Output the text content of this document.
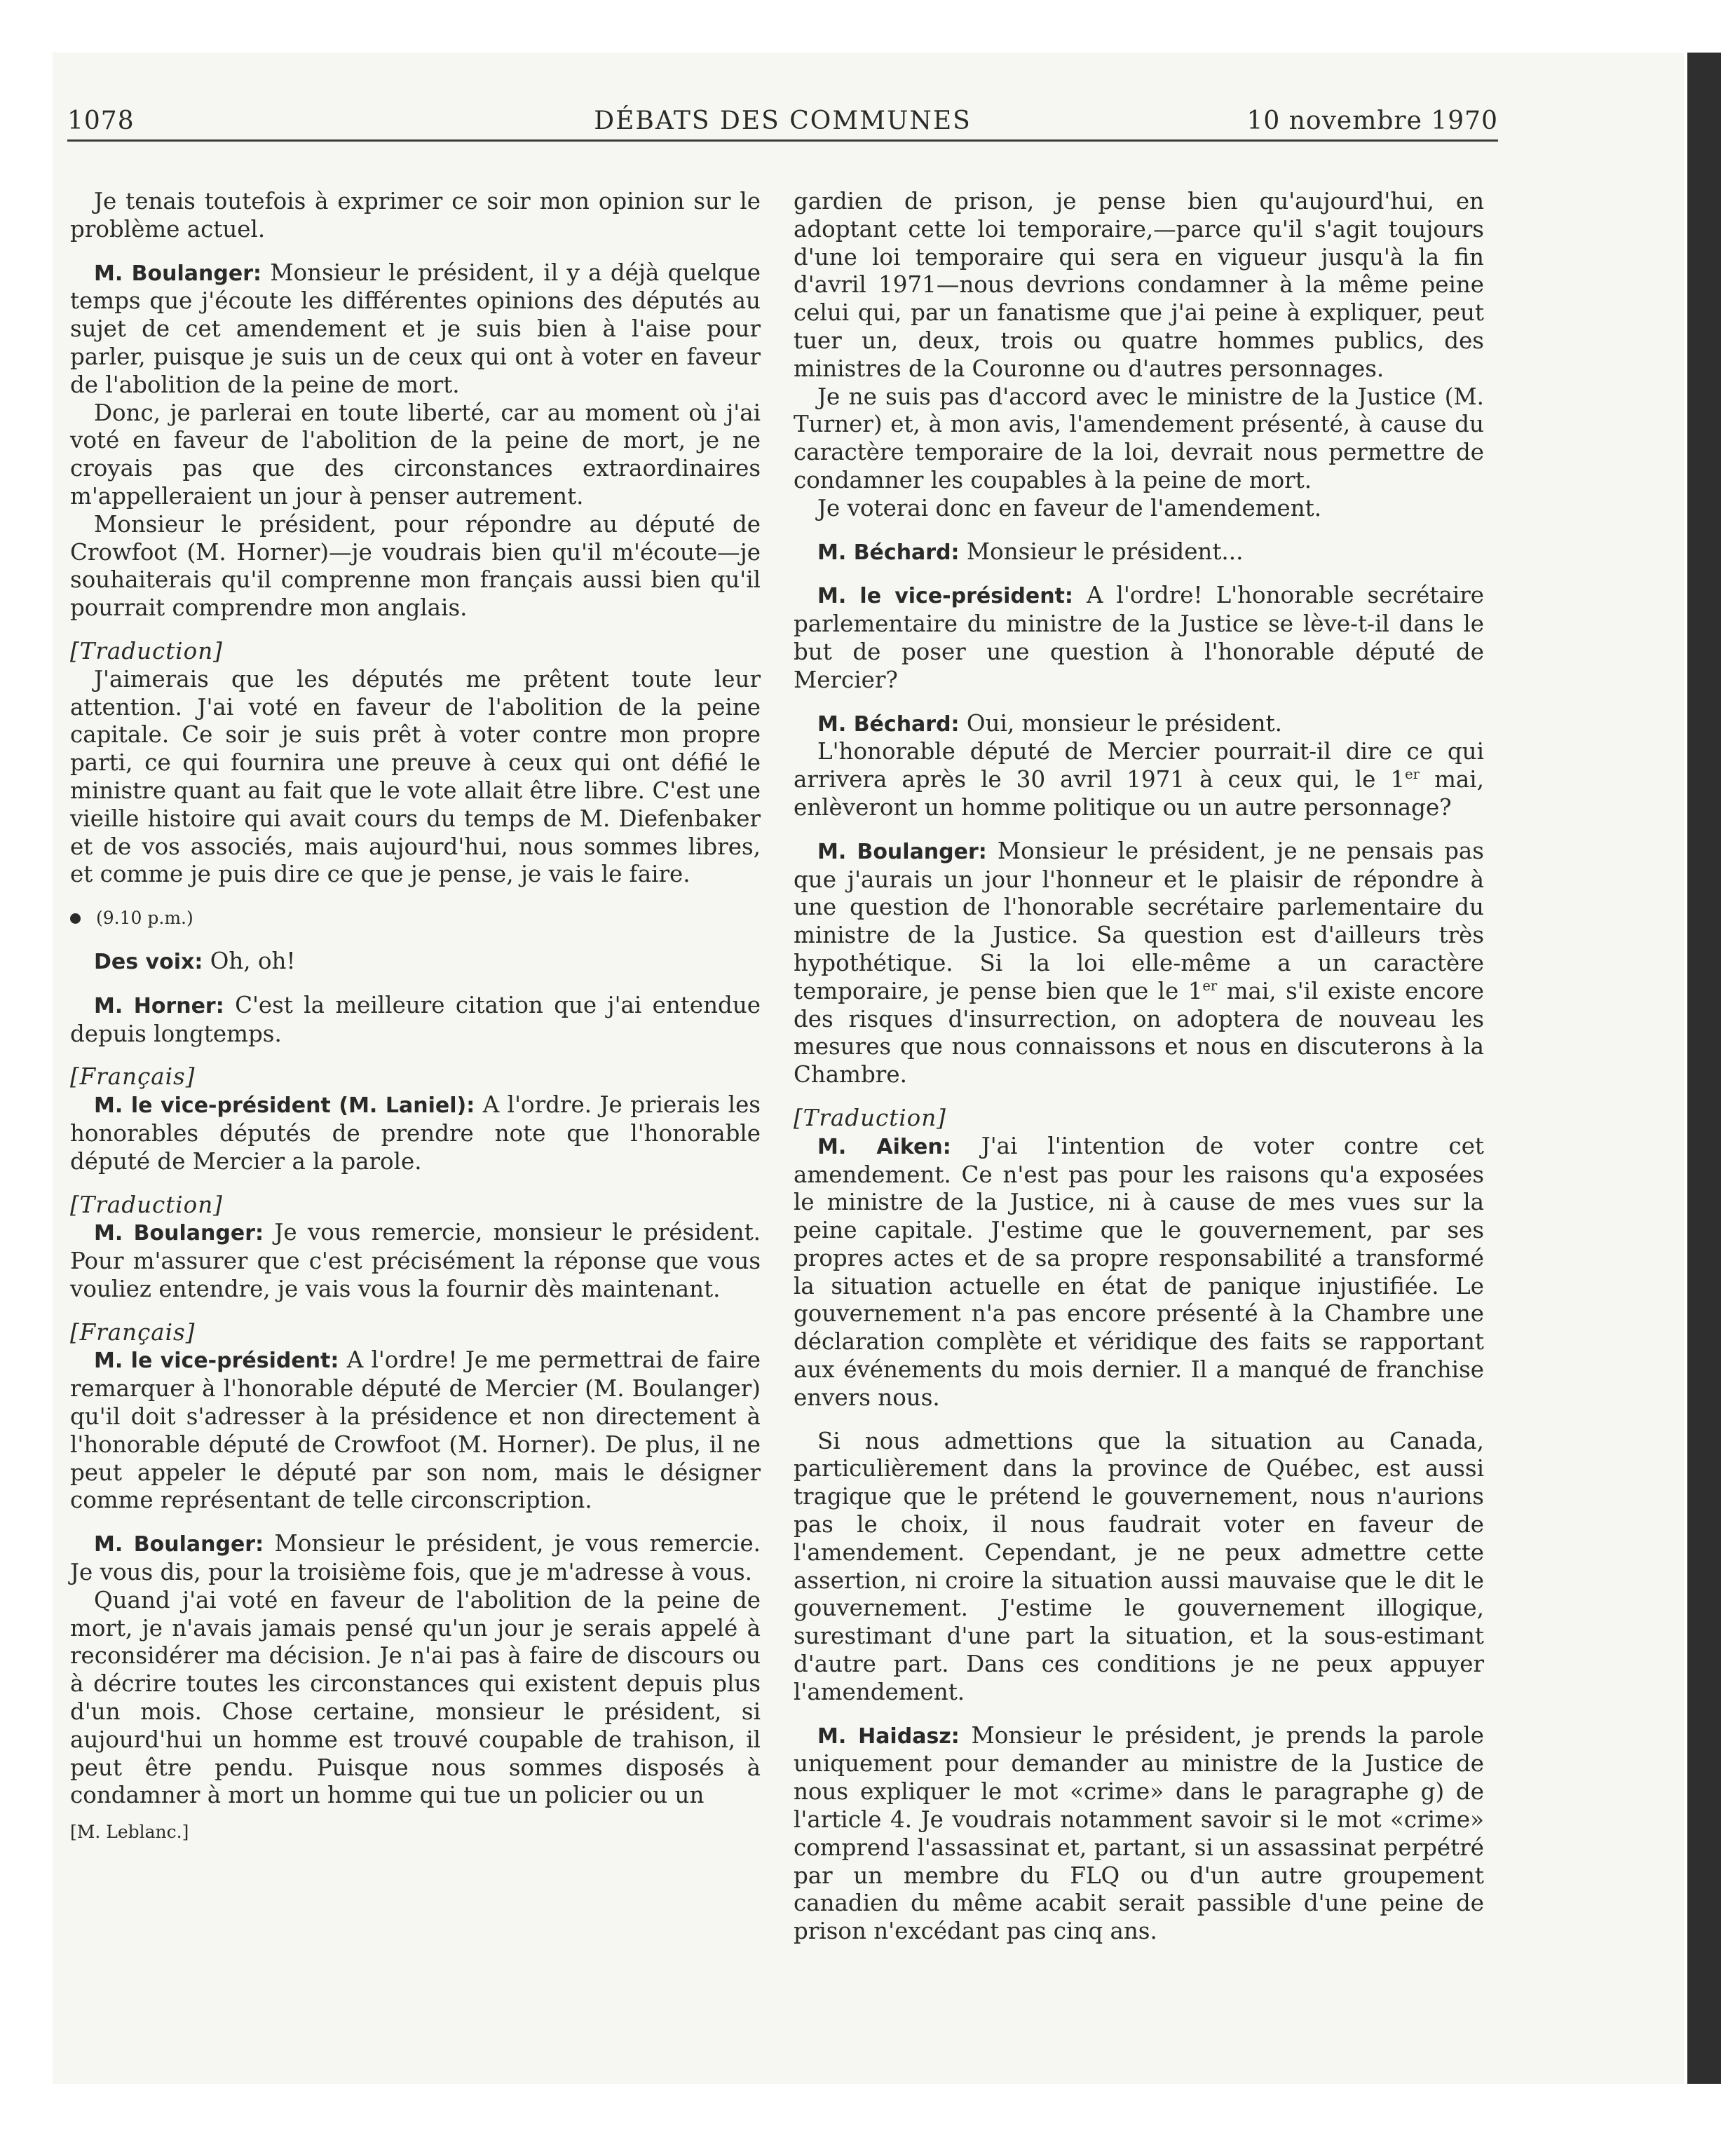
DÉBATS DES COMMUNES
1078	10 novembre 1970

Je tenais toutefois à exprimer ce soir mon opinion sur le problème actuel.

M. Boulanger: Monsieur le président, il y a déjà quelque temps que j'écoute les différentes opinions des députés au sujet de cet amendement et je suis bien à l'aise pour parler, puisque je suis un de ceux qui ont à voter en faveur de l'abolition de la peine de mort.

Donc, je parlerai en toute liberté, car au moment où j'ai voté en faveur de l'abolition de la peine de mort, je ne croyais pas que des circonstances extraordinaires m'appelleraient un jour à penser autrement.

Monsieur le président, pour répondre au député de Crowfoot (M. Horner)—je voudrais bien qu'il m'écoute—je souhaiterais qu'il comprenne mon français aussi bien qu'il pourrait comprendre mon anglais.

[Traduction]

J'aimerais que les députés me prêtent toute leur attention. J'ai voté en faveur de l'abolition de la peine capitale. Ce soir je suis prêt à voter contre mon propre parti, ce qui fournira une preuve à ceux qui ont défié le ministre quant au fait que le vote allait être libre. C'est une vieille histoire qui avait cours du temps de M. Diefenbaker et de vos associés, mais aujourd'hui, nous sommes libres, et comme je puis dire ce que je pense, je vais le faire.

(9.10 p.m.)

Des voix: Oh, oh!

M. Horner: C'est la meilleure citation que j'ai entendue depuis longtemps.

[Français]

M. le vice-président (M. Laniel): A l'ordre. Je prierais les honorables députés de prendre note que l'honorable député de Mercier a la parole.

[Traduction]

M. Boulanger: Je vous remercie, monsieur le président. Pour m'assurer que c'est précisément la réponse que vous vouliez entendre, je vais vous la fournir dès maintenant.

[Français]

M. le vice-président: A l'ordre! Je me permettrai de faire remarquer à l'honorable député de Mercier (M. Boulanger) qu'il doit s'adresser à la présidence et non directement à l'honorable député de Crowfoot (M. Horner). De plus, il ne peut appeler le député par son nom, mais le désigner comme représentant de telle circonscription.

M. Boulanger: Monsieur le président, je vous remercie. Je vous dis, pour la troisième fois, que je m'adresse à vous.

Quand j'ai voté en faveur de l'abolition de la peine de mort, je n'avais jamais pensé qu'un jour je serais appelé à reconsidérer ma décision. Je n'ai pas à faire de discours ou à décrire toutes les circonstances qui existent depuis plus d'un mois. Chose certaine, monsieur le président, si aujourd'hui un homme est trouvé coupable de trahison, il peut être pendu. Puisque nous sommes disposés à condamner à mort un homme qui tue un policier ou un

[M. Leblanc.]

gardien de prison, je pense bien qu'aujourd'hui, en adoptant cette loi temporaire,—parce qu'il s'agit toujours d'une loi temporaire qui sera en vigueur jusqu'à la fin d'avril 1971—nous devrions condamner à la même peine celui qui, par un fanatisme que j'ai peine à expliquer, peut tuer un, deux, trois ou quatre hommes publics, des ministres de la Couronne ou d'autres personnages.

Je ne suis pas d'accord avec le ministre de la Justice (M. Turner) et, à mon avis, l'amendement présenté, à cause du caractère temporaire de la loi, devrait nous permettre de condamner les coupables à la peine de mort.

Je voterai donc en faveur de l'amendement.

M. Béchard: Monsieur le président...

M. le vice-président: A l'ordre! L'honorable secrétaire parlementaire du ministre de la Justice se lève-t-il dans le but de poser une question à l'honorable député de Mercier?

M. Béchard: Oui, monsieur le président.

L'honorable député de Mercier pourrait-il dire ce qui arrivera après le 30 avril 1971 à ceux qui, le 1er mai, enlèveront un homme politique ou un autre personnage?

M. Boulanger: Monsieur le président, je ne pensais pas que j'aurais un jour l'honneur et le plaisir de répondre à une question de l'honorable secrétaire parlementaire du ministre de la Justice. Sa question est d'ailleurs très hypothétique. Si la loi elle-même a un caractère temporaire, je pense bien que le 1er mai, s'il existe encore des risques d'insurrection, on adoptera de nouveau les mesures que nous connaissons et nous en discuterons à la Chambre.

[Traduction]

M. Aiken: J'ai l'intention de voter contre cet amendement. Ce n'est pas pour les raisons qu'a exposées le ministre de la Justice, ni à cause de mes vues sur la peine capitale. J'estime que le gouvernement, par ses propres actes et de sa propre responsabilité a transformé la situation actuelle en état de panique injustifiée. Le gouvernement n'a pas encore présenté à la Chambre une déclaration complète et véridique des faits se rapportant aux événements du mois dernier. Il a manqué de franchise envers nous.

Si nous admettions que la situation au Canada, particulièrement dans la province de Québec, est aussi tragique que le prétend le gouvernement, nous n'aurions pas le choix, il nous faudrait voter en faveur de l'amendement. Cependant, je ne peux admettre cette assertion, ni croire la situation aussi mauvaise que le dit le gouvernement. J'estime le gouvernement illogique, surestimant d'une part la situation, et la sous-estimant d'autre part. Dans ces conditions je ne peux appuyer l'amendement.

M. Haidasz: Monsieur le président, je prends la parole uniquement pour demander au ministre de la Justice de nous expliquer le mot «crime» dans le paragraphe g) de l'article 4. Je voudrais notamment savoir si le mot «crime» comprend l'assassinat et, partant, si un assassinat perpétré par un membre du FLQ ou d'un autre groupement canadien du même acabit serait passible d'une peine de prison n'excédant pas cinq ans.
